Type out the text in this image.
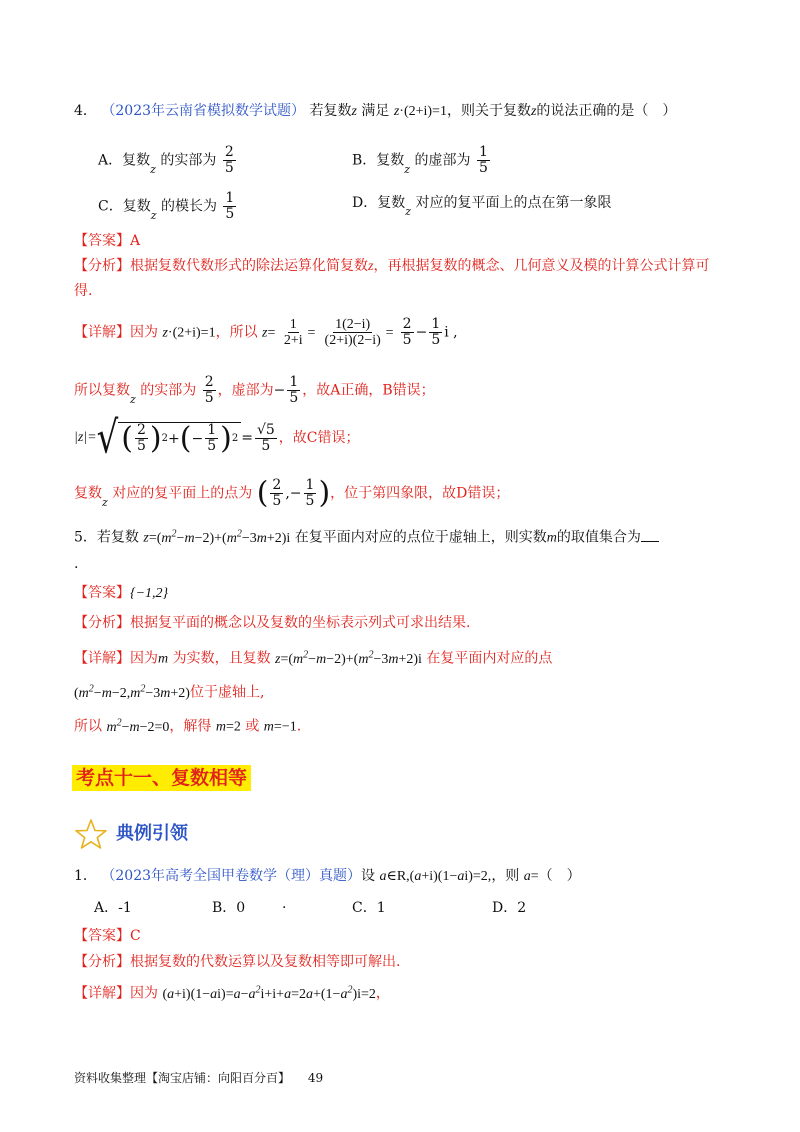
4． （2023年云南省模拟数学试题） 若复数z 满足 z·(2+i)=1，则关于复数z的说法正确的是（　）
A．复数$_z$ 的实部为 $\frac{2}{5}$	B．复数$_z$ 的虚部为 $\frac{1}{5}$
C．复数$_z$ 的模长为 $\frac{1}{5}$	D．复数$_z$ 对应的复平面上的点在第一象限
【答案】A
【分析】根据复数代数形式的除法运算化简复数z，再根据复数的概念、几何意义及模的计算公式计算可
得.
【详解】因为 z·(2+i)=1，所以 $z= \frac{1}{2+i} = \frac{1(2-i)}{(2+i)(2-i)} = \frac{2}{5} - \frac{1}{5}$ i ,
所以复数$_z$ 的实部为 $\frac{2}{5}$ ，虚部为− $\frac{1}{5}$ ，故A正确，B错误；
|z|= √ ( $\frac{2}{5}$ ) 2 + ( − $\frac{1}{5}$ ) $2 = \frac{√5}{5}$ ，故C错误；
复数$_z$ 对应的复平面上的点为 ( $\frac{2}{5}$ ,− $\frac{1}{5}$ )，位于第四象限，故D错误；
5．若复数 $z=(m^2-m-2)+(m^2-3m+2)i$ 在复平面内对应的点位于虚轴上，则实数m的取值集合为
.
【答案】{−1,2}
【分析】根据复平面的概念以及复数的坐标表示列式可求出结果.
【详解】因为m 为实数，且复数 $z=(m^2-m-2)+(m^2-3m+2)i$ 在复平面内对应的点
$(m^2-m-2,m^2-3m+2)$位于虚轴上,
所以 $m^2-m-2=0$，解得 m=2 或 m=−1.
考点十一、复数相等
典例引领
1． （2023年高考全国甲卷数学（理）真题）设 a∈R,(a+i)(1−ai)=2,，则 a=（　）
A．-1	B．0	·	C．1	D．2
【答案】C
【分析】根据复数的代数运算以及复数相等即可解出.
【详解】因为 $(a+i)(1-ai)=a-a^2i+i+a=2a+(1-a^2)i=2$，
资料收集整理【淘宝店铺：向阳百分百】 49
